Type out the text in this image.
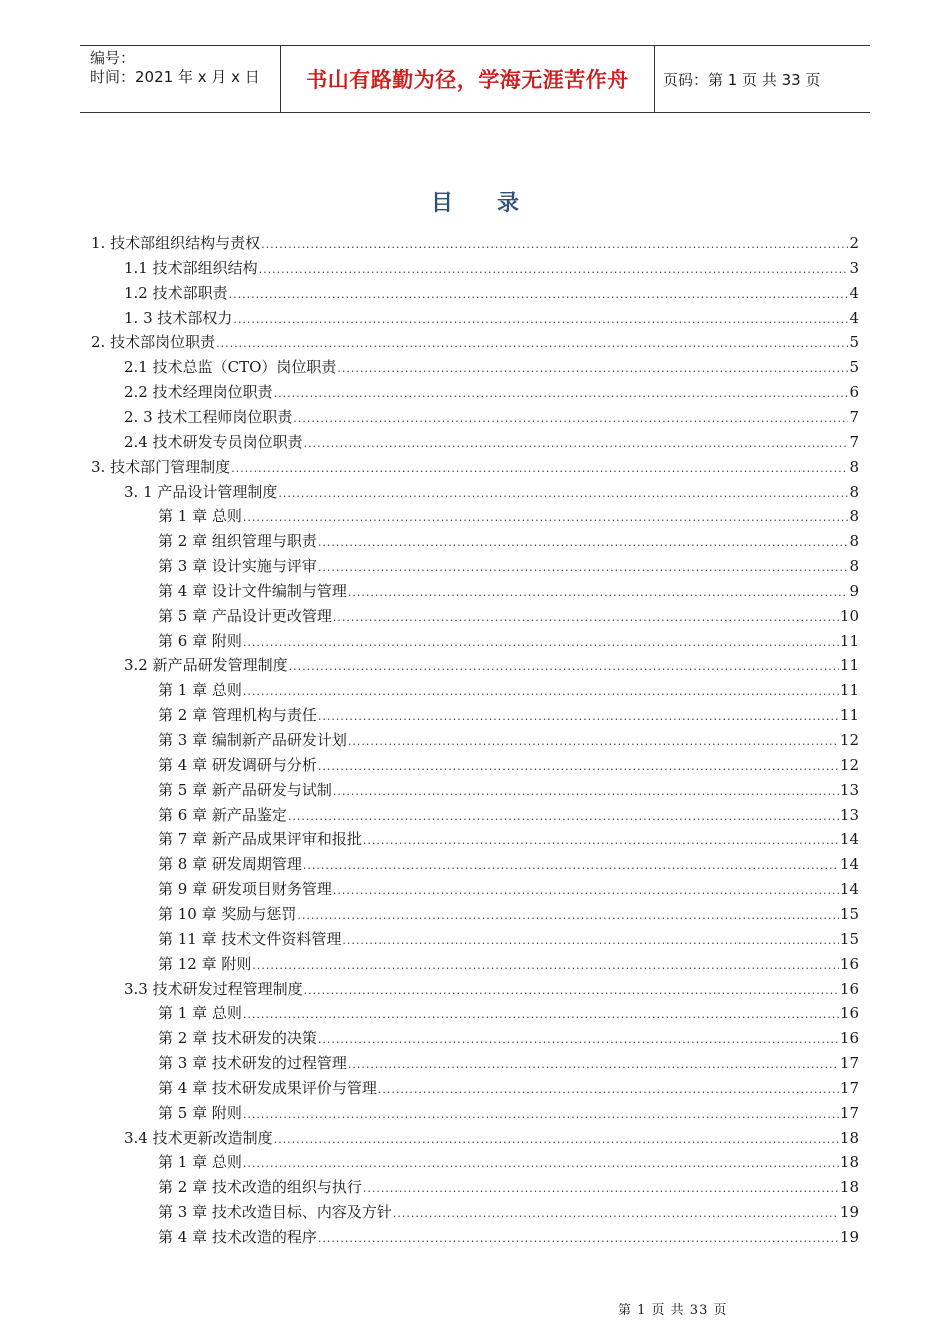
编号：
时间：2021 年 x 月 x 日	书山有路勤为径，学海无涯苦作舟	页码：第 1 页 共 33 页
目录
1. 技术部组织结构与责权 .....	2
1.1 技术部组织结构 .....	3
1.2 技术部职责 .....	4
1. 3 技术部权力 .....	4
2. 技术部岗位职责 .....	5
2.1 技术总监（CTO）岗位职责 .....	5
2.2 技术经理岗位职责 .....	6
2. 3 技术工程师岗位职责 .....	7
2.4 技术研发专员岗位职责 .....	7
3. 技术部门管理制度 .....	8
3. 1 产品设计管理制度 .....	8
第 1 章 总则 .....	8
第 2 章 组织管理与职责 .....	8
第 3 章 设计实施与评审 .....	8
第 4 章 设计文件编制与管理 .....	9
第 5 章 产品设计更改管理 .....	10
第 6 章 附则 .....	11
3.2 新产品研发管理制度 .....	11
第 1 章 总则 .....	11
第 2 章 管理机构与责任 .....	11
第 3 章 编制新产品研发计划 .....	12
第 4 章 研发调研与分析 .....	12
第 5 章 新产品研发与试制 .....	13
第 6 章 新产品鉴定 .....	13
第 7 章 新产品成果评审和报批 .....	14
第 8 章 研发周期管理 .....	14
第 9 章 研发项目财务管理 .....	14
第 10 章 奖励与惩罚 .....	15
第 11 章 技术文件资料管理 .....	15
第 12 章 附则 .....	16
3.3 技术研发过程管理制度 .....	16
第 1 章 总则 .....	16
第 2 章 技术研发的决策 .....	16
第 3 章 技术研发的过程管理 .....	17
第 4 章 技术研发成果评价与管理 .....	17
第 5 章 附则 .....	17
3.4 技术更新改造制度 .....	18
第 1 章 总则 .....	18
第 2 章 技术改造的组织与执行 .....	18
第 3 章 技术改造目标、内容及方针 .....	19
第 4 章 技术改造的程序 .....	19
第 1 页 共 33 页
